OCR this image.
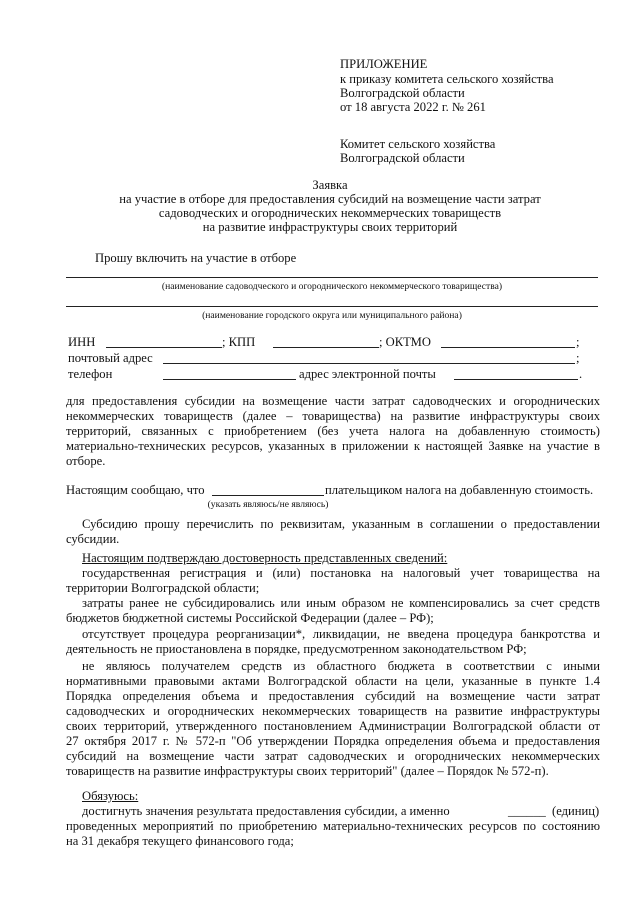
ПРИЛОЖЕНИЕ
к приказу комитета сельского хозяйства
Волгоградской области
от 18 августа 2022 г. № 261
Комитет сельского хозяйства
Волгоградской области
Заявка
на участие в отборе для предоставления субсидий на возмещение части затрат
садоводческих и огороднических некоммерческих товариществ
на развитие инфраструктуры своих территорий
Прошу включить на участие в отборе
(наименование садоводческого и огороднического некоммерческого товарищества)
(наименование городского округа или муниципального района)
ИНН	; КПП	; ОКТМО	;
почтовый адрес	;
телефон	адрес электронной почты	.
для предоставления субсидии на возмещение части затрат садоводческих и огороднических
некоммерческих товариществ (далее – товарищества) на развитие инфраструктуры своих
территорий, связанных с приобретением (без учета налога на добавленную стоимость)
материально-технических ресурсов, указанных в приложении к настоящей Заявке на участие в
отборе.
Настоящим сообщаю, что	плательщиком налога на добавленную стоимость.
(указать являюсь/не являюсь)
Субсидию прошу перечислить по реквизитам, указанным в соглашении о предоставлении
субсидии.
Настоящим подтверждаю достоверность представленных сведений:
государственная регистрация и (или) постановка на налоговый учет товарищества на
территории Волгоградской области;
затраты ранее не субсидировались или иным образом не компенсировались за счет средств
бюджетов бюджетной системы Российской Федерации (далее – РФ);
отсутствует процедура реорганизации*, ликвидации, не введена процедура банкротства и
деятельность не приостановлена в порядке, предусмотренном законодательством РФ;
не являюсь получателем средств из областного бюджета в соответствии с иными
нормативными правовыми актами Волгоградской области на цели, указанные в пункте 1.4
Порядка определения объема и предоставления субсидий на возмещение части затрат
садоводческих и огороднических некоммерческих товариществ на развитие инфраструктуры
своих территорий, утвержденного постановлением Администрации Волгоградской области от
27 октября 2017 г. № 572-п "Об утверждении Порядка определения объема и предоставления
субсидий на возмещение части затрат садоводческих и огороднических некоммерческих
товариществ на развитие инфраструктуры своих территорий" (далее – Порядок № 572-п).
Обязуюсь:
достигнуть значения результата предоставления субсидии, а именно	______ (единиц)
проведенных мероприятий по приобретению материально-технических ресурсов по состоянию
на 31 декабря текущего финансового года;
